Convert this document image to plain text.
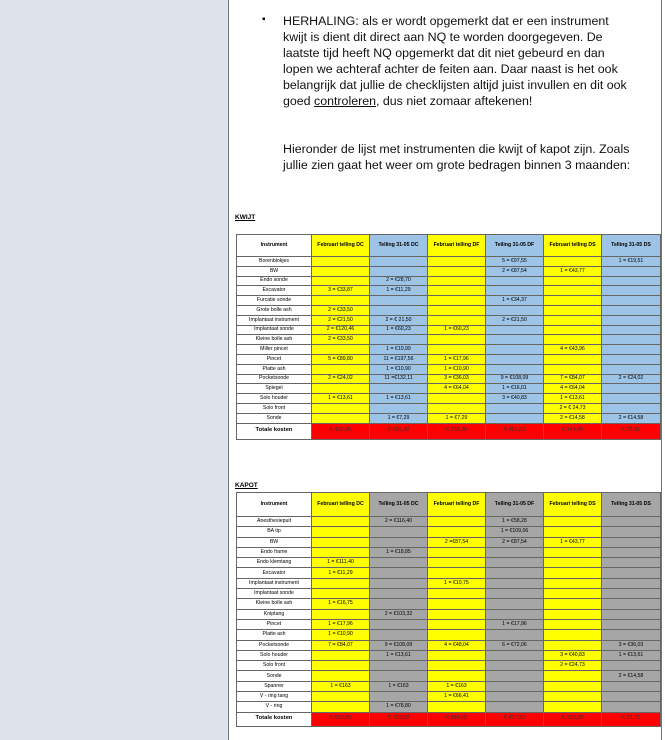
▪	HERHALING: als er wordt opgemerkt dat er een instrument kwijt is dient dit direct aan NQ te worden doorgegeven. De laatste tijd heeft NQ opgemerkt dat dit niet gebeurd en dan lopen we achteraf achter de feiten aan. Daar naast is het ook belangrijk dat jullie de checklijsten altijd juist invullen en dit ook goed controleren, dus niet zomaar aftekenen!
Hieronder de lijst met instrumenten die kwijt of kapot zijn. Zoals jullie zien gaat het weer om grote bedragen binnen 3 maanden:
KWIJT
Instrument	Februari telling DC	Telling 31-05 DC	Februari telling DF	Telling 31-05 DF	Februari telling DS	Telling 31-05 DS
Borenblokjes				5 = €97,55		1 = €19,51
BW				2 = €87,54	1 = €43,77	
Endo sonde		2 = €28,70				
Excavator	3 = €33,87	1 = €11,29				
Furcatie sonde				1 = €34,37		
Grote bolle ash	2 = €33,50					
Implantaat instrument	2 = €21,50	2 = € 21,50		2 = €21,50		
Implantaat sonde	2 = €120,46	1 = €60,23	1 = €60,23			
Kleine bolle ash	2 = €33,50					
Miller pincet		1 = €10,99			4 = €43,96	
Pincet	5 = €89,80	11 = €197,56	1 = €17,96			
Platte ash		1 = €10,90	1 = €10,90			
Pocketsonde	2 = €24,02	11 =€132,11	3 = €36,03	9 = €108,09	7 = €84,07	2 = €24,02
Spiegel			4 = €64,04	1 = €16,01	4 = €64,04	
Solo houder	1 = €13,61	1 = €13,61		3 = €40,83	1 = €13,61	
Solo front					2 = € 24,73	
Sonde		1 = €7,29	1 = €7,29		2 = €14,58	2 = €14,58
Totale kosten	€ 425,46	€ 595,20	€ 233,39	€ 491,53	€ 349,40	€ 70,31
KAPOT
Instrument	Februari telling DC	Telling 31-05 DC	Februari telling DF	Telling 31-05 DF	Februari telling DS	Telling 31-05 DS
Anesthesiepuit		2 = €116,40		1 = €58,28		
BA tip				1 = €109,06		
BW			2 =€87,54	2 = €87,54	1 = €43,77	
Endo frame		1 = €18,85				
Endo klemtang	1 = €111,40					
Excavator	1 = €11,29					
Implantaat instrument			1 = €10,75			
Implantaat sonde						
Kleine bolle ash	1 = €16,75					
Kniptang		2 = €103,32				
Pincet	1 = €17,96			1 = €17,96		
Platte ash	1 = €10,90					
Pocketsonde	7 = €84,07	9 = €108,09	4 = €48,04	6 = €72,06		3 = €36,03
Solo houder		1 = €13,61			3 = €40,83	1 = €13,61
Solo front					2 = €24,73	
Sonde						2 = €14,58
Spanner	1 = €163	1 = €163	1 = €163			
V - ring tang			1 = €66,41			
V - ring		1 = €78,80				
Totale kosten	€ 502,80	€ 726,50	€ 494,65	€ 417,93	€ 132,29	€ 77,71
